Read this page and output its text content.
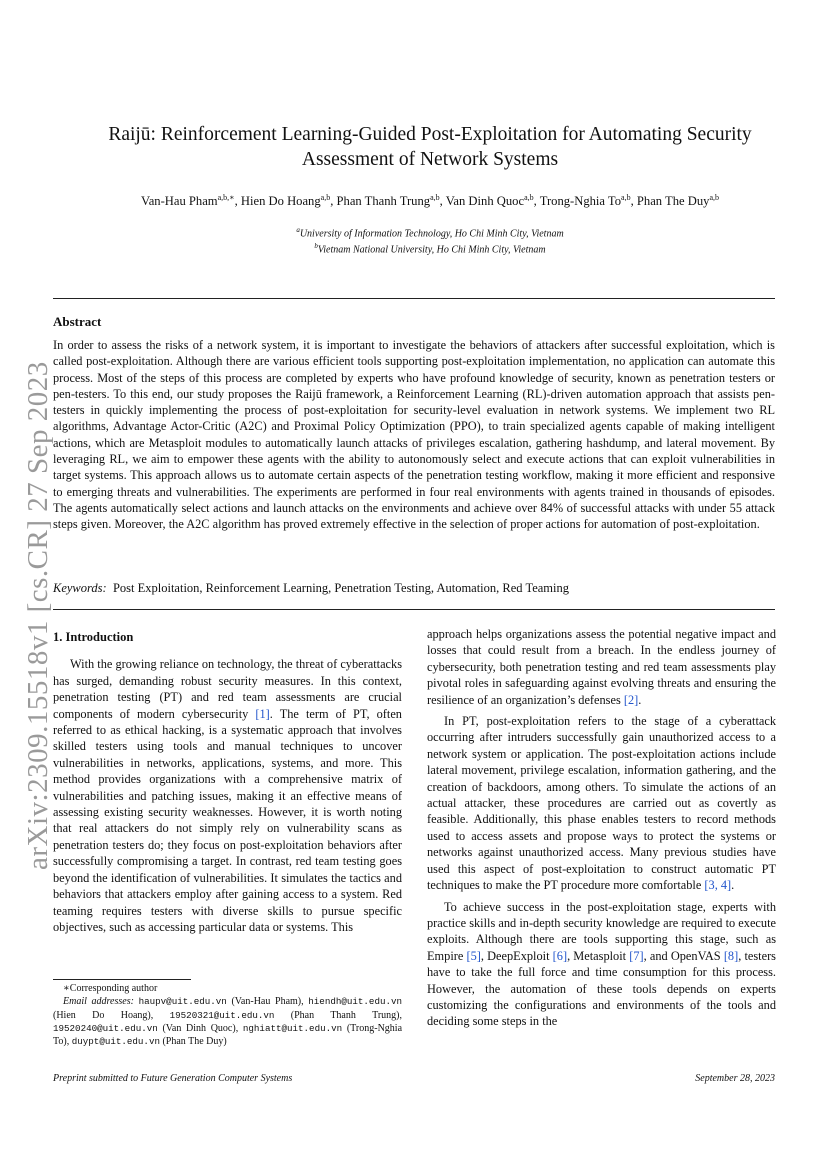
arXiv:2309.15518v1 [cs.CR] 27 Sep 2023
Raijū: Reinforcement Learning-Guided Post-Exploitation for Automating Security
Assessment of Network Systems
Van-Hau Pham$^{a,b,∗}$, Hien Do Hoang$^{a,b}$, Phan Thanh Trung$^{a,b}$, Van Dinh Quoc$^{a,b}$, Trong-Nghia To$^{a,b}$, Phan The Duy$^{a,b}$
$^a$University of Information Technology, Ho Chi Minh City, Vietnam
$^b$Vietnam National University, Ho Chi Minh City, Vietnam
Abstract
In order to assess the risks of a network system, it is important to investigate the behaviors of attackers after successful exploitation, which is called post-exploitation. Although there are various efficient tools supporting post-exploitation implementation, no application can automate this process. Most of the steps of this process are completed by experts who have profound knowledge of security, known as penetration testers or pen-testers. To this end, our study proposes the Raijū framework, a Reinforcement Learning (RL)-driven automation approach that assists pen-testers in quickly implementing the process of post-exploitation for security-level evaluation in network systems. We implement two RL algorithms, Advantage Actor-Critic (A2C) and Proximal Policy Optimization (PPO), to train specialized agents capable of making intelligent actions, which are Metasploit modules to automatically launch attacks of privileges escalation, gathering hashdump, and lateral movement. By leveraging RL, we aim to empower these agents with the ability to autonomously select and execute actions that can exploit vulnerabilities in target systems. This approach allows us to automate certain aspects of the penetration testing workflow, making it more efficient and responsive to emerging threats and vulnerabilities. The experiments are performed in four real environments with agents trained in thousands of episodes. The agents automatically select actions and launch attacks on the environments and achieve over 84% of successful attacks with under 55 attack steps given. Moreover, the A2C algorithm has proved extremely effective in the selection of proper actions for automation of post-exploitation.
Keywords: Post Exploitation, Reinforcement Learning, Penetration Testing, Automation, Red Teaming
1. Introduction

With the growing reliance on technology, the threat of cyberattacks has surged, demanding robust security measures. In this context, penetration testing (PT) and red team assessments are crucial components of modern cybersecurity [1]. The term of PT, often referred to as ethical hacking, is a systematic approach that involves skilled testers using tools and manual techniques to uncover vulnerabilities in networks, applications, systems, and more. This method provides organizations with a comprehensive matrix of vulnerabilities and patching issues, making it an effective means of assessing existing security weaknesses. However, it is worth noting that real attackers do not simply rely on vulnerability scans as penetration testers do; they focus on post-exploitation behaviors after successfully compromising a target. In contrast, red team testing goes beyond the identification of vulnerabilities. It simulates the tactics and behaviors that attackers employ after gaining access to a system. Red teaming requires testers with diverse skills to pursue specific objectives, such as accessing particular data or systems. This

approach helps organizations assess the potential negative impact and losses that could result from a breach. In the endless journey of cybersecurity, both penetration testing and red team assessments play pivotal roles in safeguarding against evolving threats and ensuring the resilience of an organization’s defenses [2].

In PT, post-exploitation refers to the stage of a cyberattack occurring after intruders successfully gain unauthorized access to a network system or application. The post-exploitation actions include lateral movement, privilege escalation, information gathering, and the creation of backdoors, among others. To simulate the actions of an actual attacker, these procedures are carried out as covertly as feasible. Additionally, this phase enables testers to record methods used to access assets and propose ways to protect the systems or networks against unauthorized access. Many previous studies have used this aspect of post-exploitation to construct automatic PT techniques to make the PT procedure more comfortable [3, 4].

To achieve success in the post-exploitation stage, experts with practice skills and in-depth security knowledge are required to execute exploits. Although there are tools supporting this stage, such as Empire [5], DeepExploit [6], Metasploit [7], and OpenVAS [8], testers have to take the full force and time consumption for this process. However, the automation of these tools depends on experts customizing the configurations and environments of the tools and deciding some steps in the

∗Corresponding author
Email addresses: haupv@uit.edu.vn (Van-Hau Pham), hiendh@uit.edu.vn (Hien Do Hoang), 19520321@uit.edu.vn (Phan Thanh Trung), 19520240@uit.edu.vn (Van Dinh Quoc), nghiatt@uit.edu.vn (Trong-Nghia To), duypt@uit.edu.vn (Phan The Duy)
Preprint submitted to Future Generation Computer Systems	September 28, 2023
